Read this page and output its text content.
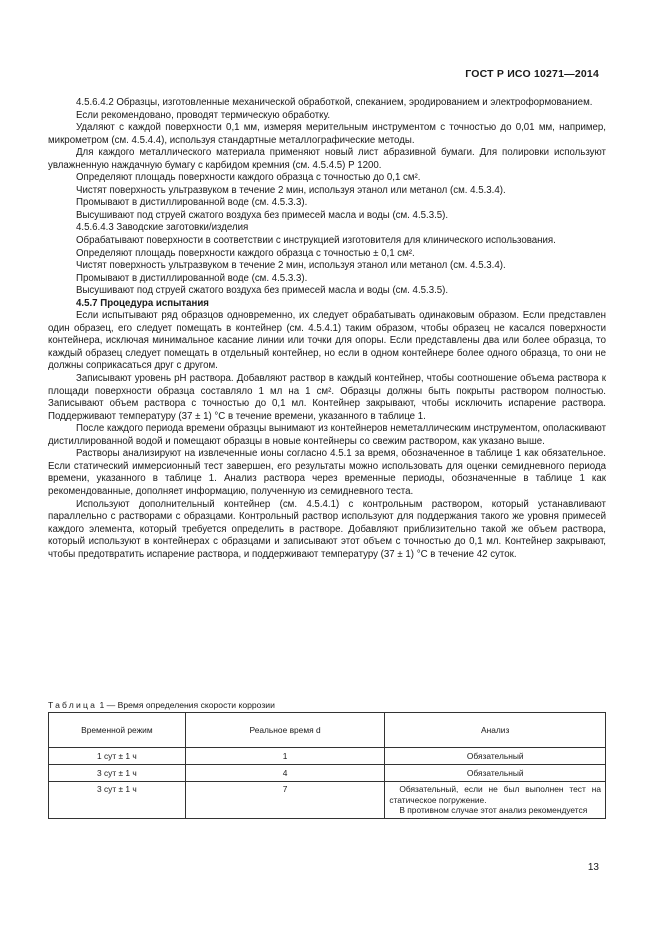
ГОСТ Р ИСО 10271—2014

4.5.6.4.2 Образцы, изготовленные механической обработкой, спеканием, эродированием и электроформованием.

Если рекомендовано, проводят термическую обработку.

Удаляют с каждой поверхности 0,1 мм, измеряя мерительным инструментом с точностью до 0,01 мм, например, микрометром (см. 4.5.4.4), используя стандартные металлографические методы.

Для каждого металлического материала применяют новый лист абразивной бумаги. Для полировки используют увлажненную наждачную бумагу с карбидом кремния (см. 4.5.4.5) Р 1200.

Определяют площадь поверхности каждого образца с точностью до 0,1 см².

Чистят поверхность ультразвуком в течение 2 мин, используя этанол или метанол (см. 4.5.3.4).

Промывают в дистиллированной воде (см. 4.5.3.3).

Высушивают под струей сжатого воздуха без примесей масла и воды (см. 4.5.3.5).

4.5.6.4.3 Заводские заготовки/изделия

Обрабатывают поверхности в соответствии с инструкцией изготовителя для клинического использования.

Определяют площадь поверхности каждого образца с точностью ± 0,1 см².

Чистят поверхность ультразвуком в течение 2 мин, используя этанол или метанол (см. 4.5.3.4).

Промывают в дистиллированной воде (см. 4.5.3.3).

Высушивают под струей сжатого воздуха без примесей масла и воды (см. 4.5.3.5).

4.5.7 Процедура испытания

Если испытывают ряд образцов одновременно, их следует обрабатывать одинаковым образом. Если представлен один образец, его следует помещать в контейнер (см. 4.5.4.1) таким образом, чтобы образец не касался поверхности контейнера, исключая минимальное касание линии или точки для опоры. Если представлены два или более образца, то каждый образец следует помещать в отдельный контейнер, но если в одном контейнере более одного образца, то они не должны соприкасаться друг с другом.

Записывают уровень рН раствора. Добавляют раствор в каждый контейнер, чтобы соотношение объема раствора к площади поверхности образца составляло 1 мл на 1 см². Образцы должны быть покрыты раствором полностью. Записывают объем раствора с точностью до 0,1 мл. Контейнер закрывают, чтобы исключить испарение раствора. Поддерживают температуру (37 ± 1) °С в течение времени, указанного в таблице 1.

После каждого периода времени образцы вынимают из контейнеров неметаллическим инструментом, ополаскивают дистиллированной водой и помещают образцы в новые контейнеры со свежим раствором, как указано выше.

Растворы анализируют на извлеченные ионы согласно 4.5.1 за время, обозначенное в таблице 1 как обязательное. Если статический иммерсионный тест завершен, его результаты можно использовать для оценки семидневного периода времени, указанного в таблице 1. Анализ раствора через временные периоды, обозначенные в таблице 1 как рекомендованные, дополняет информацию, полученную из семидневного теста.

Используют дополнительный контейнер (см. 4.5.4.1) с контрольным раствором, который устанавливают параллельно с растворами с образцами. Контрольный раствор используют для поддержания такого же уровня примесей каждого элемента, который требуется определить в растворе. Добавляют приблизительно такой же объем раствора, который используют в контейнерах с образцами и записывают этот объем с точностью до 0,1 мл. Контейнер закрывают, чтобы предотвратить испарение раствора, и поддерживают температуру (37 ± 1) °С в течение 42 суток.

Таблица 1 — Время определения скорости коррозии
Временной режим	Реальное время d	Анализ
1 сут ± 1 ч	1	Обязательный
3 сут ± 1 ч	4	Обязательный
3 сут ± 1 ч	7	Обязательный, если не был выполнен тест на статическое погружение.

В противном случае этот анализ рекомендуется

13
